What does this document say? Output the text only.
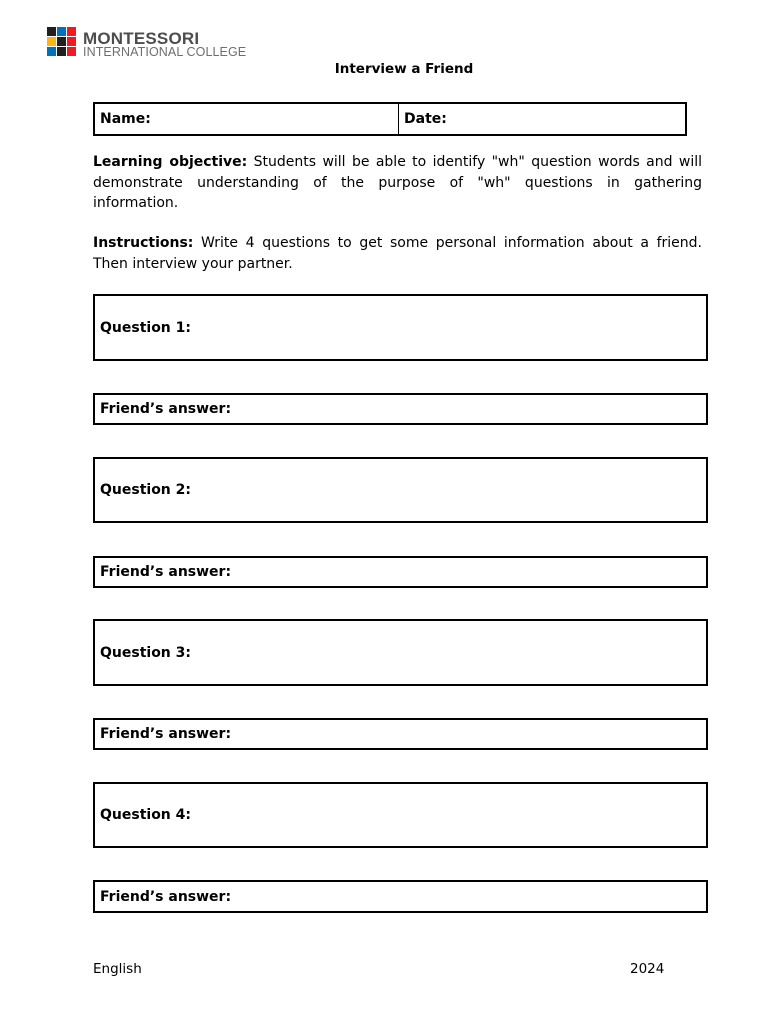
MONTESSORI
INTERNATIONAL COLLEGE
Interview a Friend
Name:	Date:
Learning objective: Students will be able to identify "wh" question words and will demonstrate understanding of the purpose of "wh" questions in gathering information.
Instructions: Write 4 questions to get some personal information about a friend. Then interview your partner.
Question 1:
Friend’s answer:
Question 2:
Friend’s answer:
Question 3:
Friend’s answer:
Question 4:
Friend’s answer:
English	2024
